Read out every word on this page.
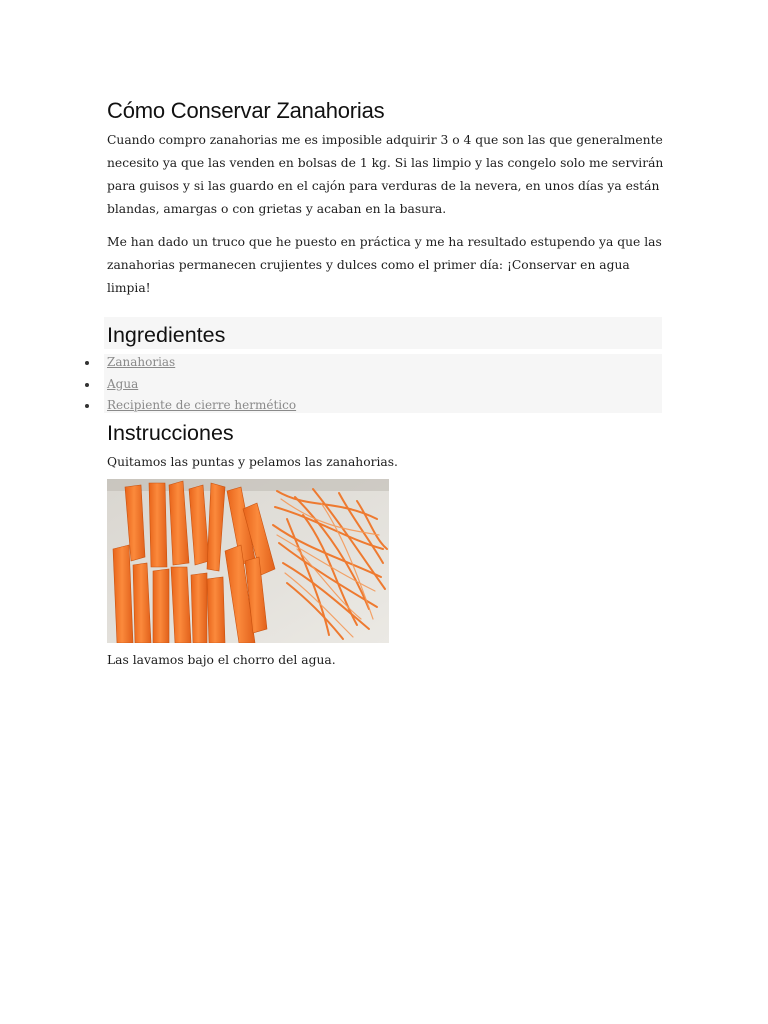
Cómo Conservar Zanahorias

Cuando compro zanahorias me es imposible adquirir 3 o 4 que son las que generalmente necesito ya que las venden en bolsas de 1 kg. Si las limpio y las congelo solo me servirán para guisos y si las guardo en el cajón para verduras de la nevera, en unos días ya están blandas, amargas o con grietas y acaban en la basura.

Me han dado un truco que he puesto en práctica y me ha resultado estupendo ya que las zanahorias permanecen crujientes y dulces como el primer día: ¡Conservar en agua limpia!

Ingredientes
Zanahorias
Agua
Recipiente de cierre hermético
Instrucciones

Quitamos las puntas y pelamos las zanahorias.

Las lavamos bajo el chorro del agua.
